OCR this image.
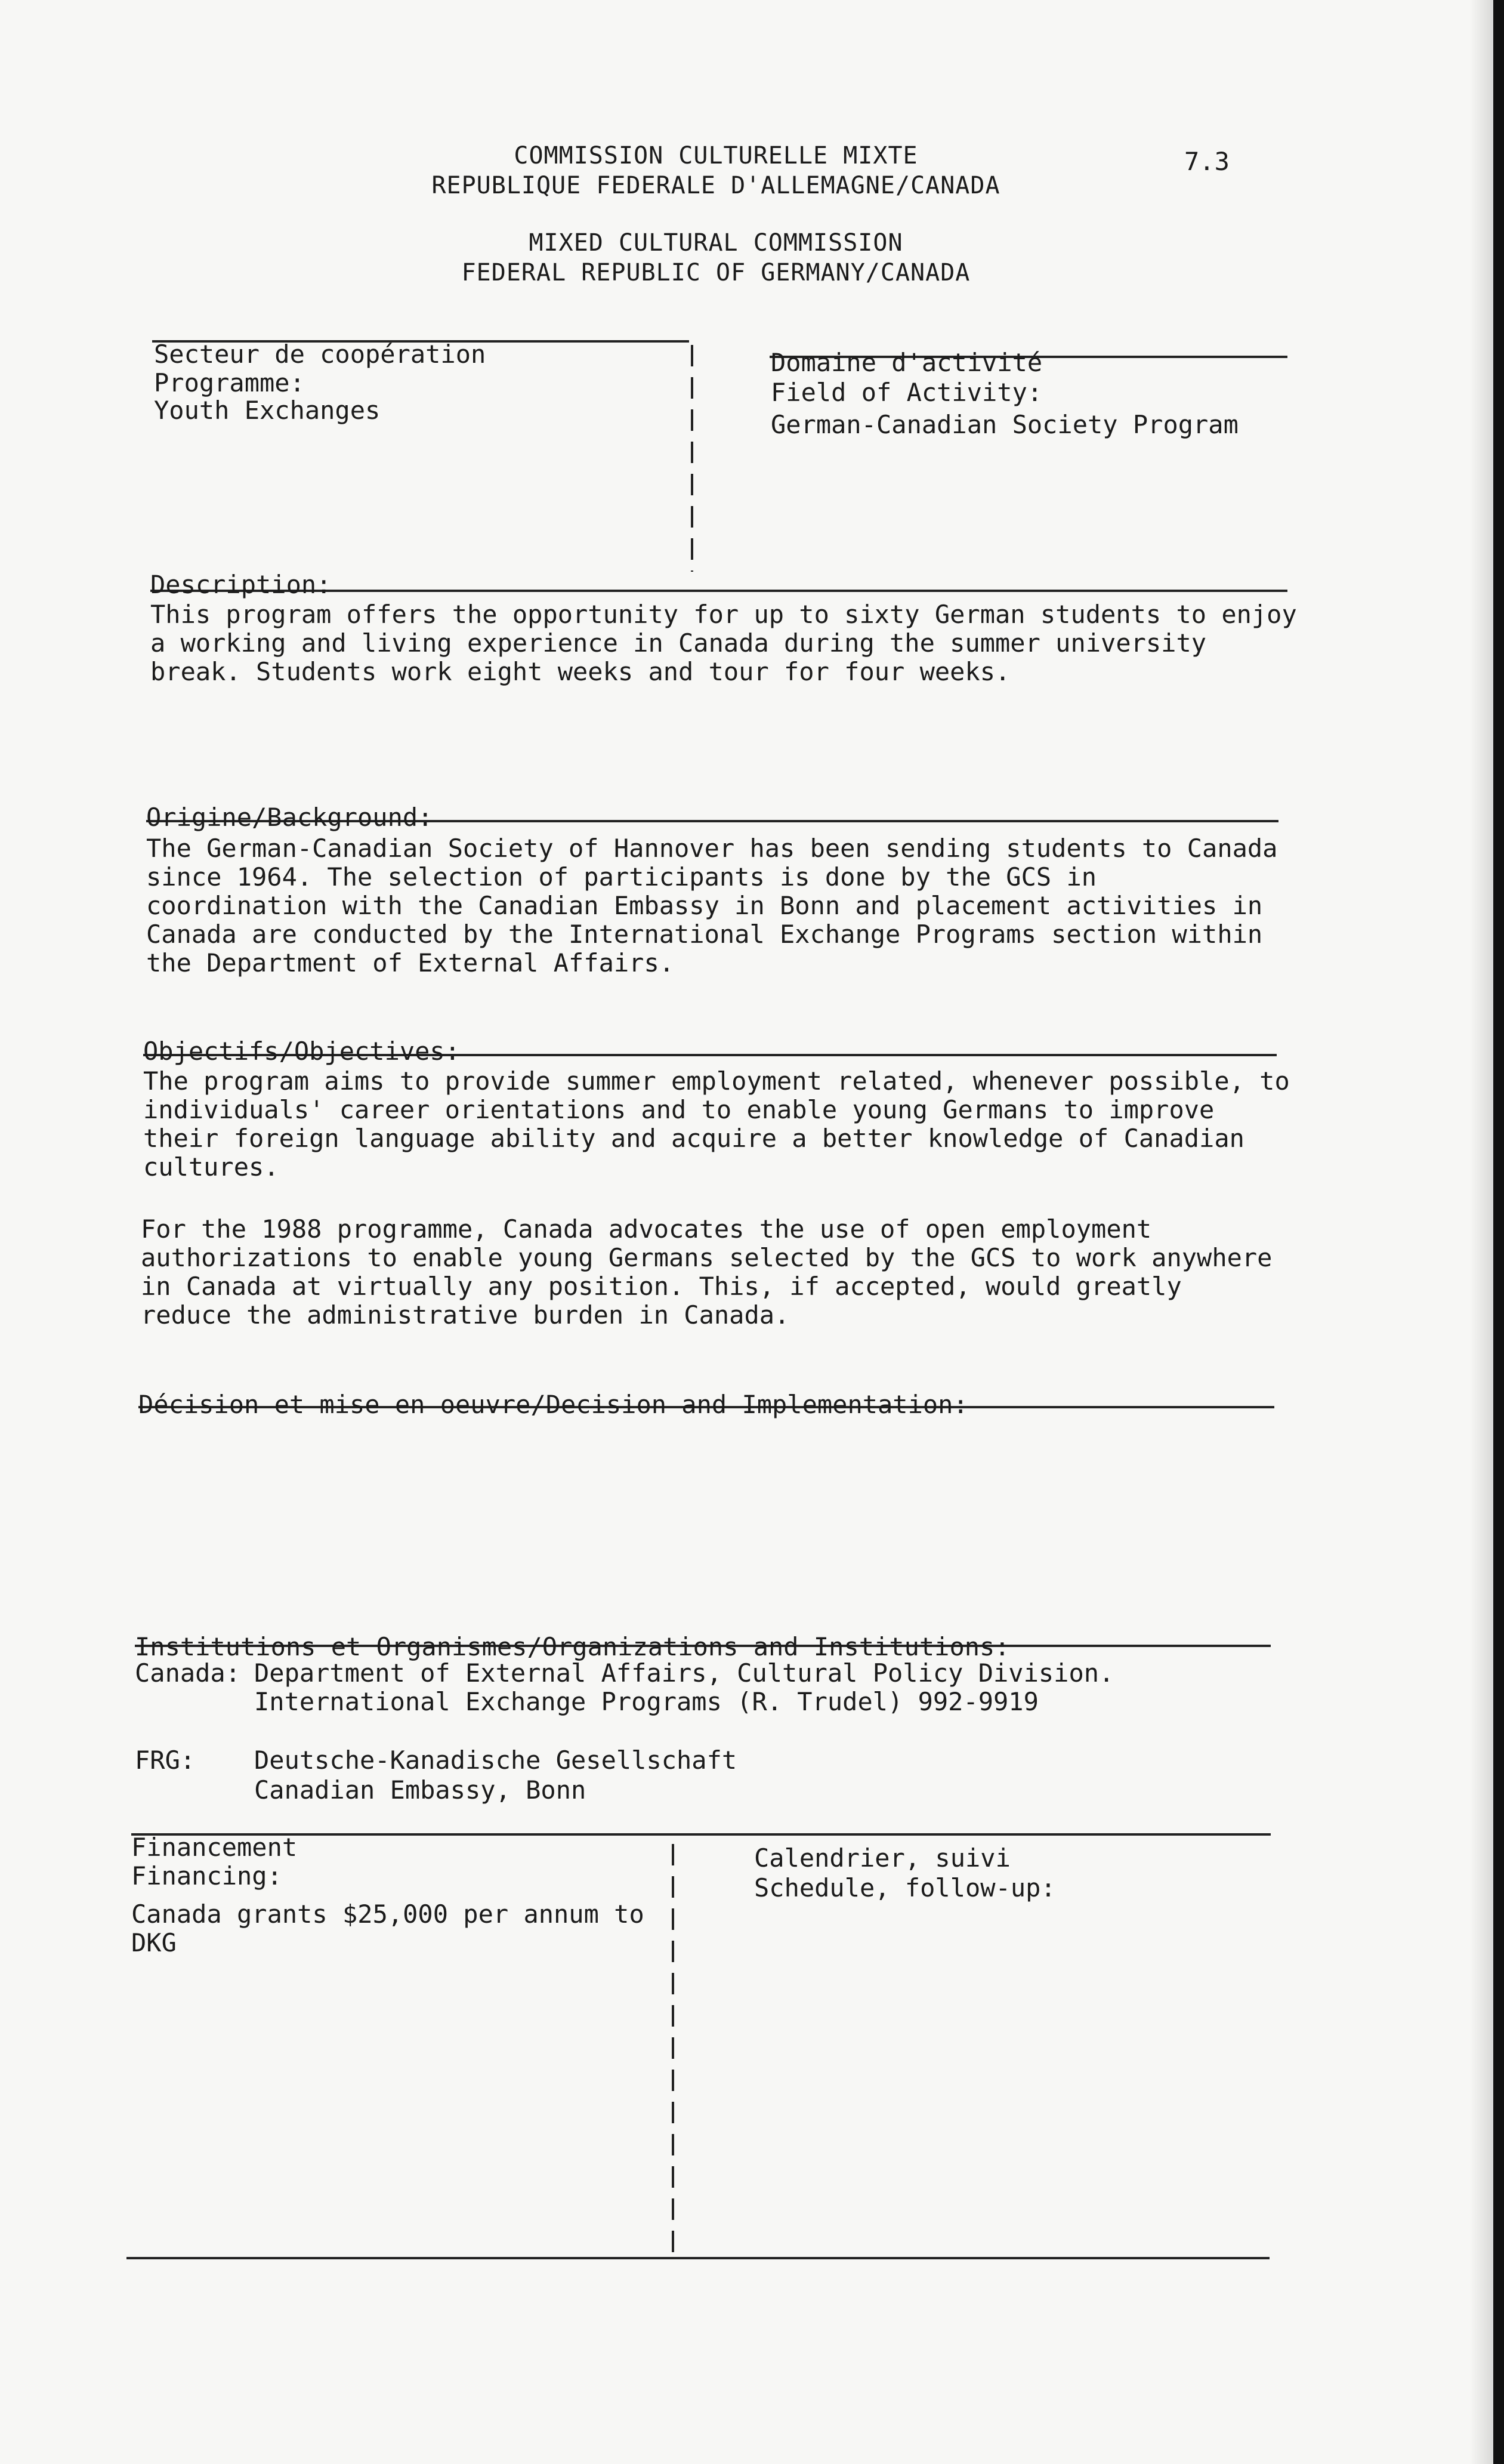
COMMISSION CULTURELLE MIXTE
REPUBLIQUE FEDERALE D'ALLEMAGNE/CANADA
MIXED CULTURAL COMMISSION
FEDERAL REPUBLIC OF GERMANY/CANADA
7.3
Secteur de coopération
Programme:
Youth Exchanges
Domaine d'activité
Field of Activity:
German-Canadian Society Program
Description:
This program offers the opportunity for up to sixty German students to enjoy
a working and living experience in Canada during the summer university
break. Students work eight weeks and tour for four weeks.
Origine/Background:
The German-Canadian Society of Hannover has been sending students to Canada
since 1964. The selection of participants is done by the GCS in
coordination with the Canadian Embassy in Bonn and placement activities in
Canada are conducted by the International Exchange Programs section within
the Department of External Affairs.
Objectifs/Objectives:
The program aims to provide summer employment related, whenever possible, to
individuals' career orientations and to enable young Germans to improve
their foreign language ability and acquire a better knowledge of Canadian
cultures.
For the 1988 programme, Canada advocates the use of open employment
authorizations to enable young Germans selected by the GCS to work anywhere
in Canada at virtually any position. This, if accepted, would greatly
reduce the administrative burden in Canada.
Décision et mise en oeuvre/Decision and Implementation:
Institutions et Organismes/Organizations and Institutions:
Canada: Department of External Affairs, Cultural Policy Division.
International Exchange Programs (R. Trudel) 992-9919
FRG: Deutsche-Kanadische Gesellschaft
Canadian Embassy, Bonn
Financement
Financing:
Canada grants $25,000 per annum to
DKG
Calendrier, suivi
Schedule, follow-up:
